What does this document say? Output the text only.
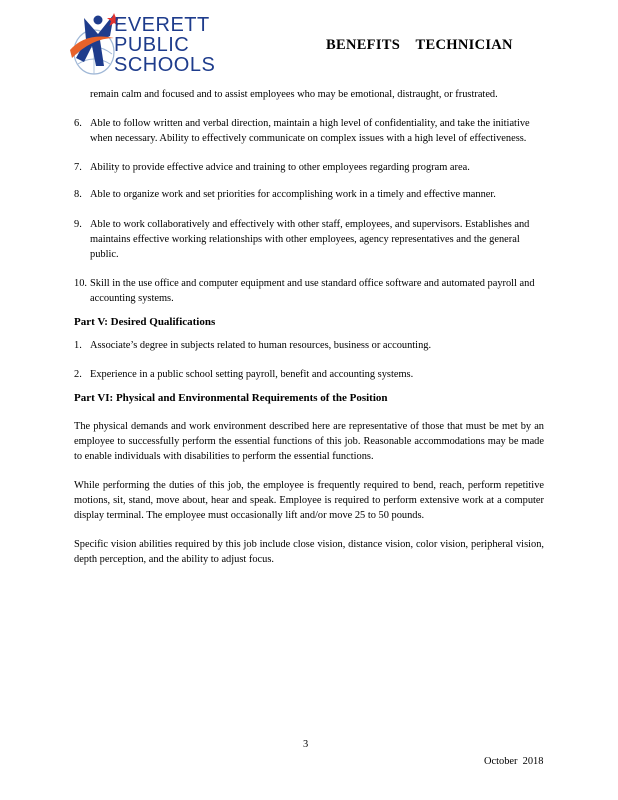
EVERETT
PUBLIC
SCHOOLS
BENEFITS    TECHNICIAN

remain calm and focused and to assist employees who may be emotional, distraught, or frustrated.

6. Able to follow written and verbal direction, maintain a high level of confidentiality, and take the initiative when necessary. Ability to effectively communicate on complex issues with a high level of effectiveness.
7. Ability to provide effective advice and training to other employees regarding program area.
8. Able to organize work and set priorities for accomplishing work in a timely and effective manner.
9. Able to work collaboratively and effectively with other staff, employees, and supervisors. Establishes and maintains effective working relationships with other employees, agency representatives and the general public.
10. Skill in the use office and computer equipment and use standard office software and automated payroll and accounting systems.
Part V: Desired Qualifications
1. Associate’s degree in subjects related to human resources, business or accounting.
2. Experience in a public school setting payroll, benefit and accounting systems.
Part VI: Physical and Environmental Requirements of the Position

The physical demands and work environment described here are representative of those that must be met by an employee to successfully perform the essential functions of this job. Reasonable accommodations may be made to enable individuals with disabilities to perform the essential functions.

While performing the duties of this job, the employee is frequently required to bend, reach, perform repetitive motions, sit, stand, move about, hear and speak. Employee is required to perform extensive work at a computer display terminal. The employee must occasionally lift and/or move 25 to 50 pounds.

Specific vision abilities required by this job include close vision, distance vision, color vision, peripheral vision, depth perception, and the ability to adjust focus.

3
October  2018
